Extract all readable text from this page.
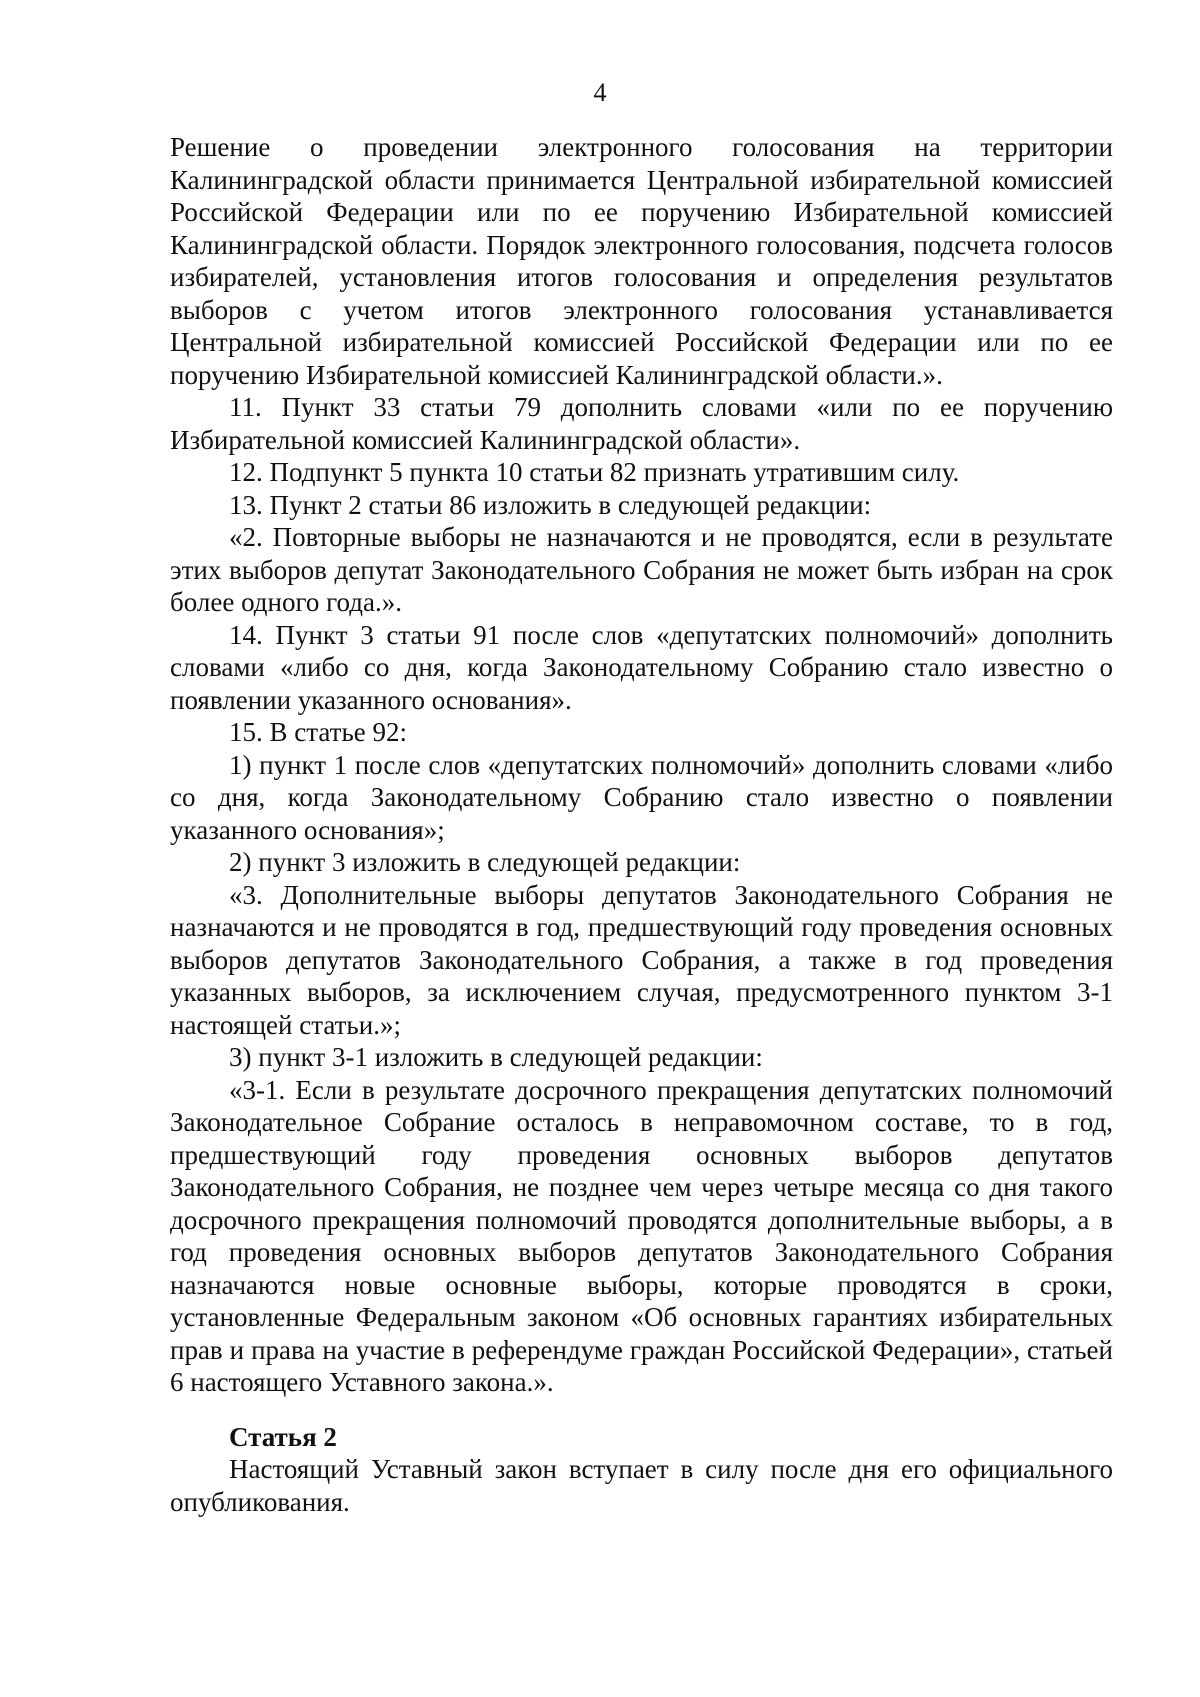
4

Решение о проведении электронного голосования на территории Калининградской области принимается Центральной избирательной комиссией Российской Федерации или по ее поручению Избирательной комиссией Калининградской области. Порядок электронного голосования, подсчета голосов избирателей, установления итогов голосования и определения результатов выборов с учетом итогов электронного голосования устанавливается Центральной избирательной комиссией Российской Федерации или по ее поручению Избирательной комиссией Калининградской области.».

11. Пункт 33 статьи 79 дополнить словами «или по ее поручению Избирательной комиссией Калининградской области».

12. Подпункт 5 пункта 10 статьи 82 признать утратившим силу.

13. Пункт 2 статьи 86 изложить в следующей редакции:

«2. Повторные выборы не назначаются и не проводятся, если в результате этих выборов депутат Законодательного Собрания не может быть избран на срок более одного года.».

14. Пункт 3 статьи 91 после слов «депутатских полномочий» дополнить словами «либо со дня, когда Законодательному Собранию стало известно о появлении указанного основания».

15. В статье 92:

1) пункт 1 после слов «депутатских полномочий» дополнить словами «либо со дня, когда Законодательному Собранию стало известно о появлении указанного основания»;

2) пункт 3 изложить в следующей редакции:

«3. Дополнительные выборы депутатов Законодательного Собрания не назначаются и не проводятся в год, предшествующий году проведения основных выборов депутатов Законодательного Собрания, а также в год проведения указанных выборов, за исключением случая, предусмотренного пунктом 3-1 настоящей статьи.»;

3) пункт 3-1 изложить в следующей редакции:

«3-1. Если в результате досрочного прекращения депутатских полномочий Законодательное Собрание осталось в неправомочном составе, то в год, предшествующий году проведения основных выборов депутатов Законодательного Собрания, не позднее чем через четыре месяца со дня такого досрочного прекращения полномочий проводятся дополнительные выборы, а в год проведения основных выборов депутатов Законодательного Собрания назначаются новые основные выборы, которые проводятся в сроки, установленные Федеральным законом «Об основных гарантиях избирательных прав и права на участие в референдуме граждан Российской Федерации», статьей 6 настоящего Уставного закона.».

Статья 2

Настоящий Уставный закон вступает в силу после дня его официального опубликования.
